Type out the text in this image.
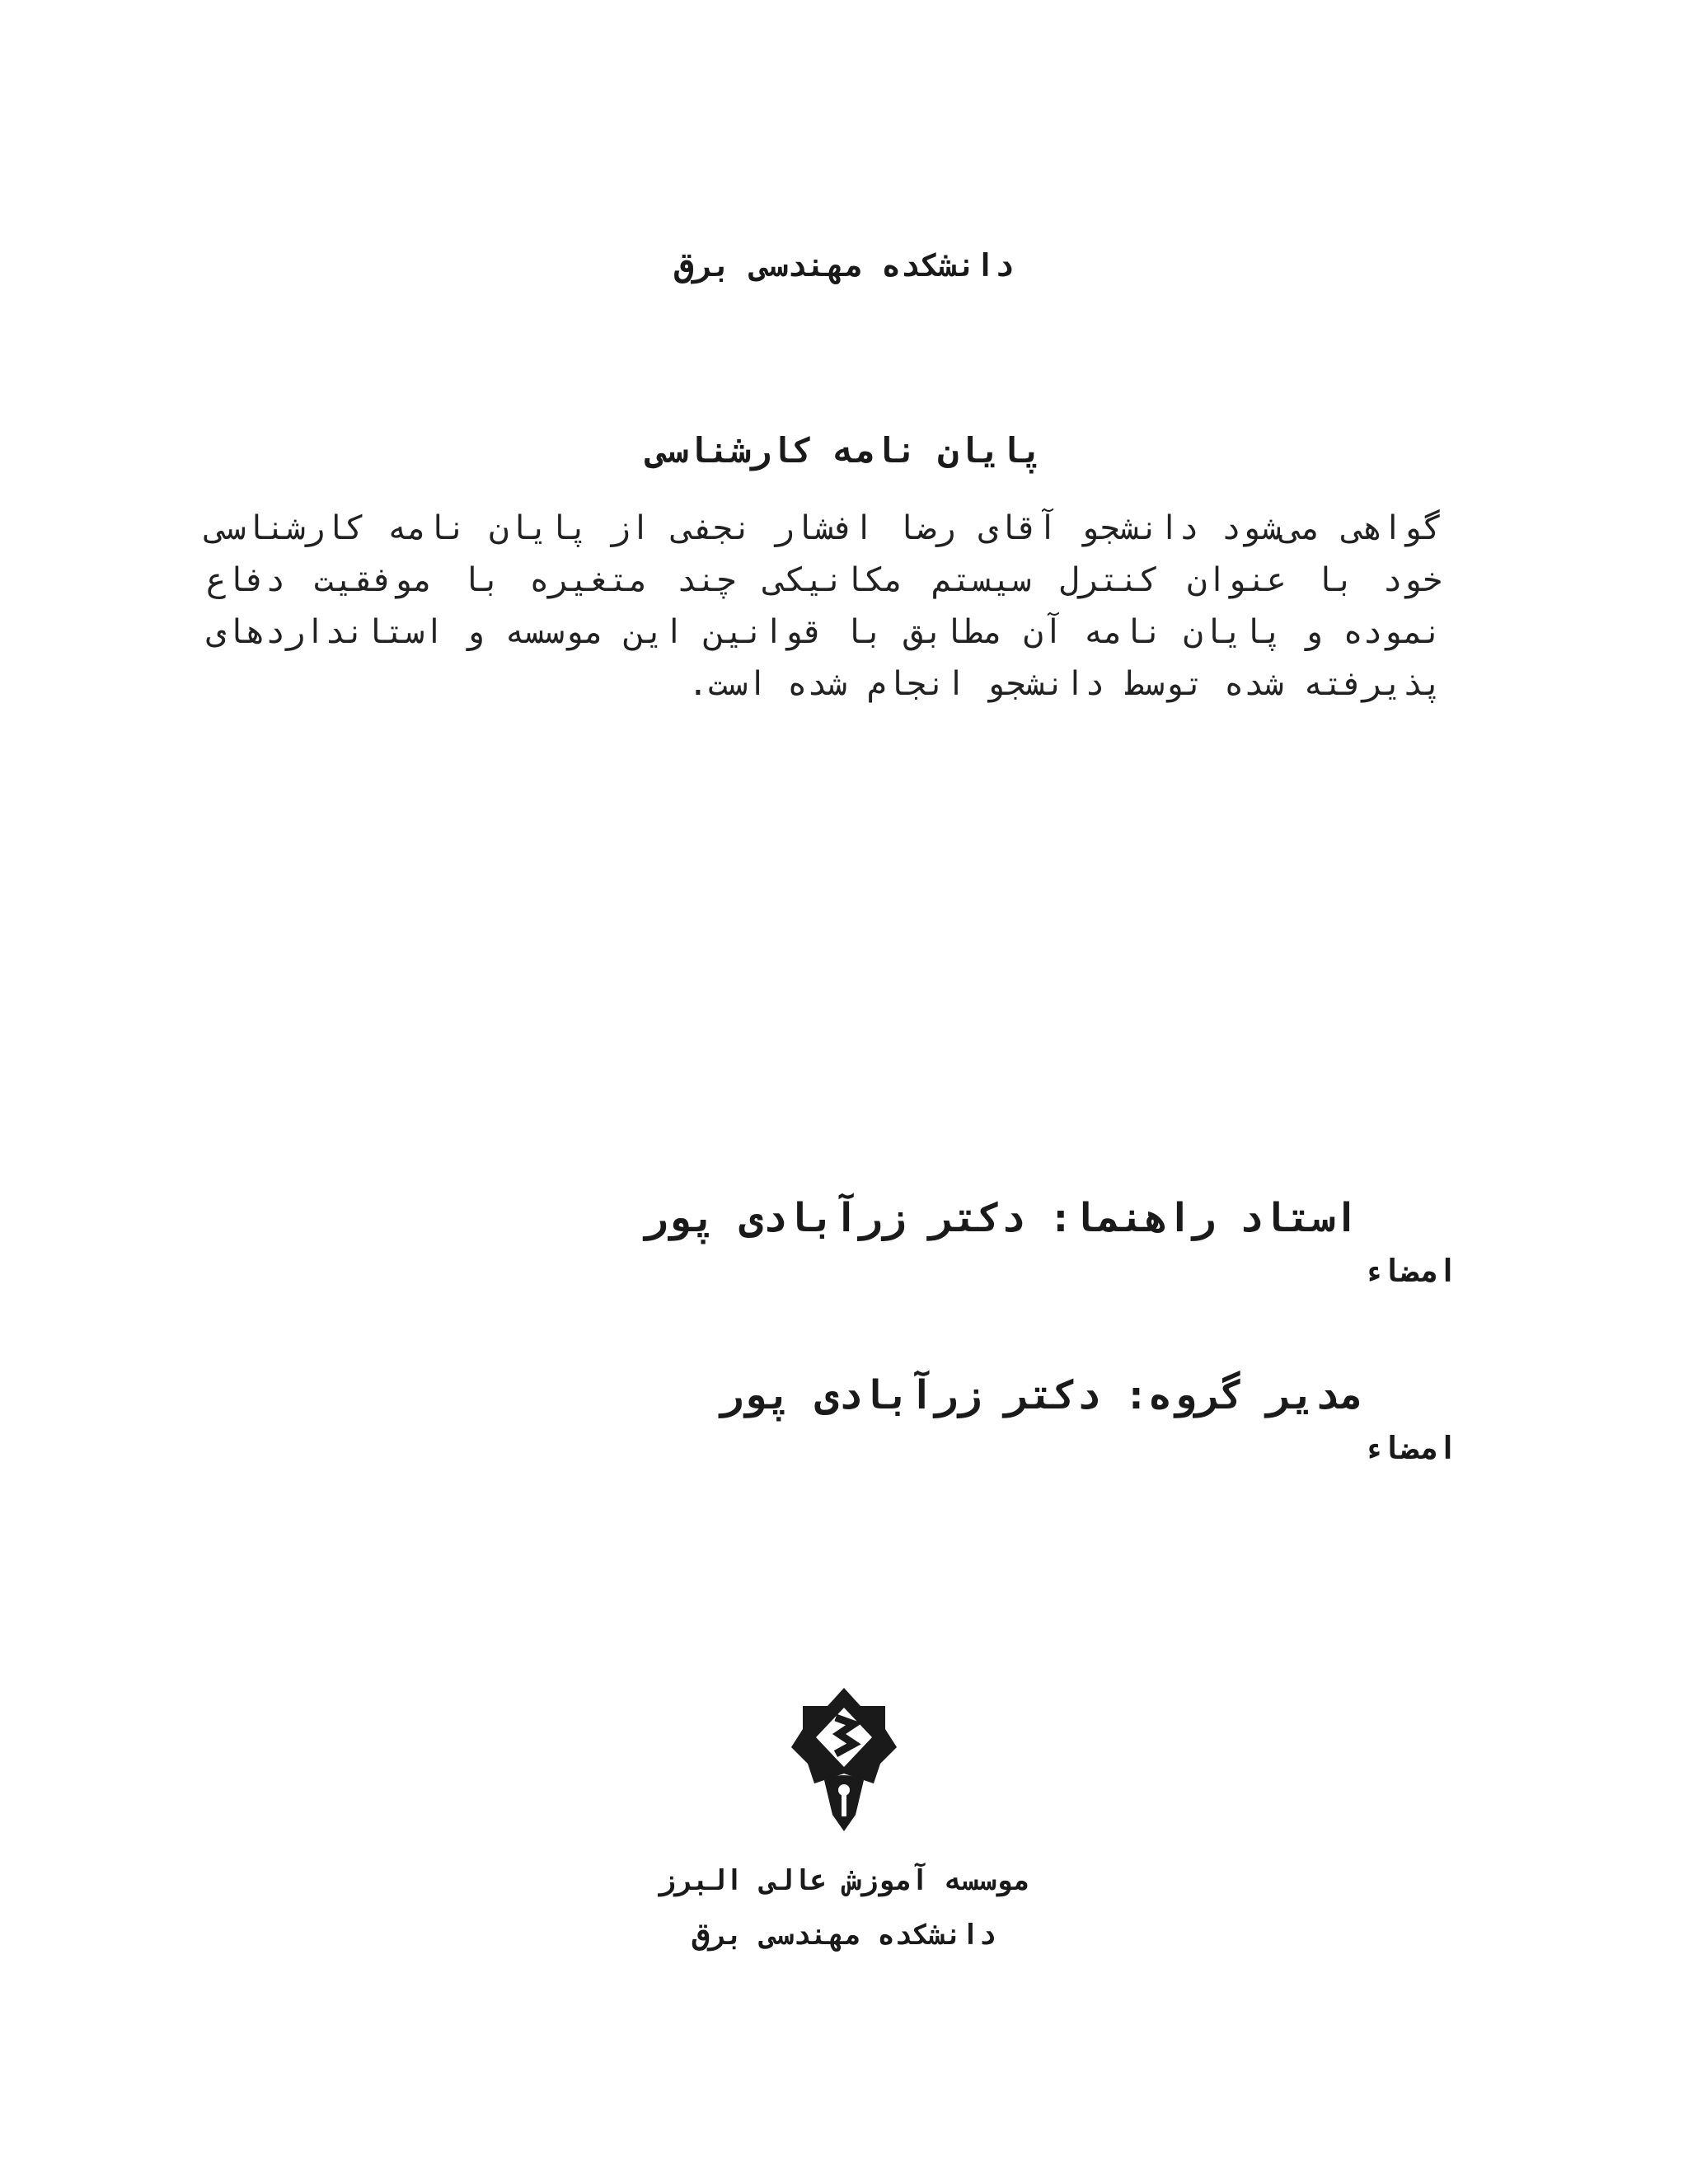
دانشکده مهندسی برق
پایان نامه کارشناسی
گواهی می‌شود دانشجو آقای رضا افشار نجفی از پایان نامه کارشناسی خود با عنوان کنترل سیستم مکانیکی چند متغیره با موفقیت دفاع نموده و پایان نامه آن مطابق با قوانین این موسسه و استانداردهای پذیرفته شده توسط دانشجو انجام شده است.
استاد راهنما: دکتر زرآبادی پور
امضاء
مدیر گروه: دکتر زرآبادی پور
امضاء
موسسه آموزش عالی البرز
دانشکده مهندسی برق
